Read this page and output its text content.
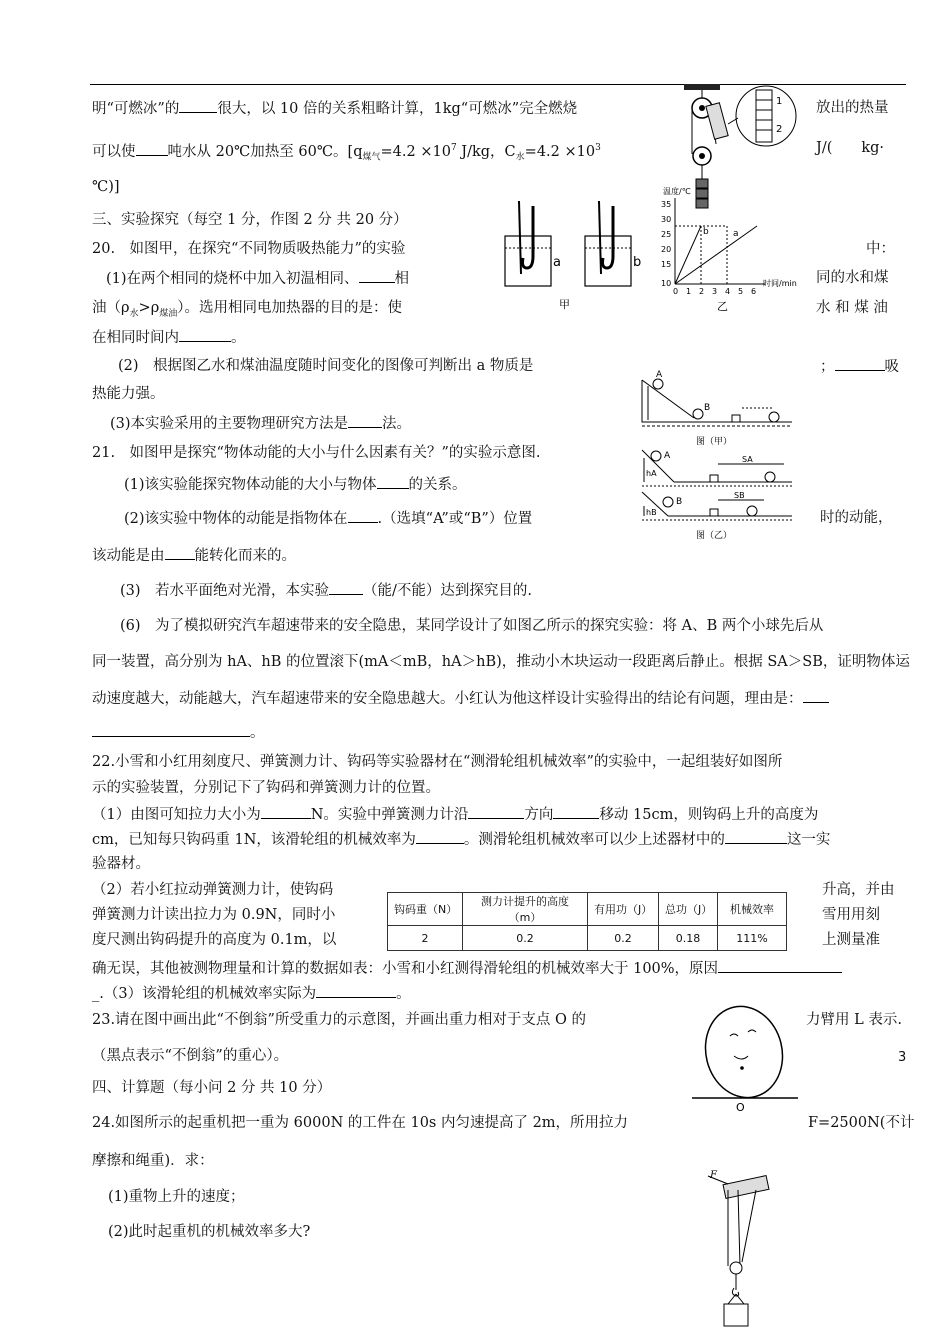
明“可燃冰”的	很大，以 10 倍的关系粗略计算，1kg“可燃冰”完全燃烧	放出的热量
可以使 吨水从 20℃加热至 60℃。[$q_{煤气}=4.2 \times 10^7$ J/kg，$C_水=4.2 \times 10^3$	J/(　　kg·
℃)]
1
2
三、实验探究（每空 1 分，作图 2 分 共 20 分）
a	b
甲
温度/℃
35
30
25
20
15
10
0 1 2 3 4 5 6
时间/min
b	a
乙
20.　如图甲，在探究“不同物质吸热能力”的实验	中：
(1)在两个相同的烧杯中加入初温相同、 相	同的水和煤
油$(\rho_水>\rho_{煤油})$。选用相同电加热器的目的是：使	水 和 煤 油
在相同时间内	。
(2)　根据图乙水和煤油温度随时间变化的图像可判断出 a 物质是	；	吸
热能力强。
(3)本实验采用的主要物理研究方法是 法。
A
B
图（甲）
A
hA
SA
B
hB
SB
图（乙）
21.　如图甲是探究“物体动能的大小与什么因素有关？”的实验示意图.
(1)该实验能探究物体动能的大小与物体 的关系。
(2)该实验中物体的动能是指物体在 .（选填“A”或“B”）位置	时的动能，
该动能是由 能转化而来的。
(3)　若水平面绝对光滑，本实验 （能/不能）达到探究目的.
(6)　为了模拟研究汽车超速带来的安全隐患，某同学设计了如图乙所示的探究实验：将 A、B 两个小球先后从
同一装置，高分别为 hA、hB 的位置滚下(mA＜mB，hA＞hB)，推动小木块运动一段距离后静止。根据 SA＞SB，证明物体运
动速度越大，动能越大，汽车超速带来的安全隐患越大。小红认为他这样设计实验得出的结论有问题，理由是：
。
22.小雪和小红用刻度尺、弹簧测力计、钩码等实验器材在“测滑轮组机械效率”的实验中，一起组装好如图所
示的实验装置，分别记下了钩码和弹簧测力计的位置。
（1）由图可知拉力大小为	N。实验中弹簧测力计沿	方向	移动 15cm，则钩码上升的高度为
cm，已知每只钩码重 1N，该滑轮组的机械效率为	。测滑轮组机械效率可以少上述器材中的	这一实
验器材。
（2）若小红拉动弹簧测力计，使钩码	升高，并由
弹簧测力计读出拉力为 0.9N，同时小	雪用用刻
度尺测出钩码提升的高度为 0.1m，以	上测量准
钩码重（N）	测力计提升的高度（m）	有用功（J）	总功（J）	机械效率
2	0.2	0.2	0.18	111%
确无误，其他被测物理量和计算的数据如表：小雪和小红测得滑轮组的机械效率大于 100%，原因
_.（3）该滑轮组的机械效率实际为	。
23.请在图中画出此“不倒翁”所受重力的示意图，并画出重力相对于支点 O 的	力臂用 L 表示.
（黑点表示“不倒翁”的重心）。
O
四、计算题（每小问 2 分 共 10 分）
24.如图所示的起重机把一重为 6000N 的工件在 10s 内匀速提高了 2m，所用拉力	F=2500N(不计
摩擦和绳重)．求：
(1)重物上升的速度；
(2)此时起重机的机械效率多大?
F
3
